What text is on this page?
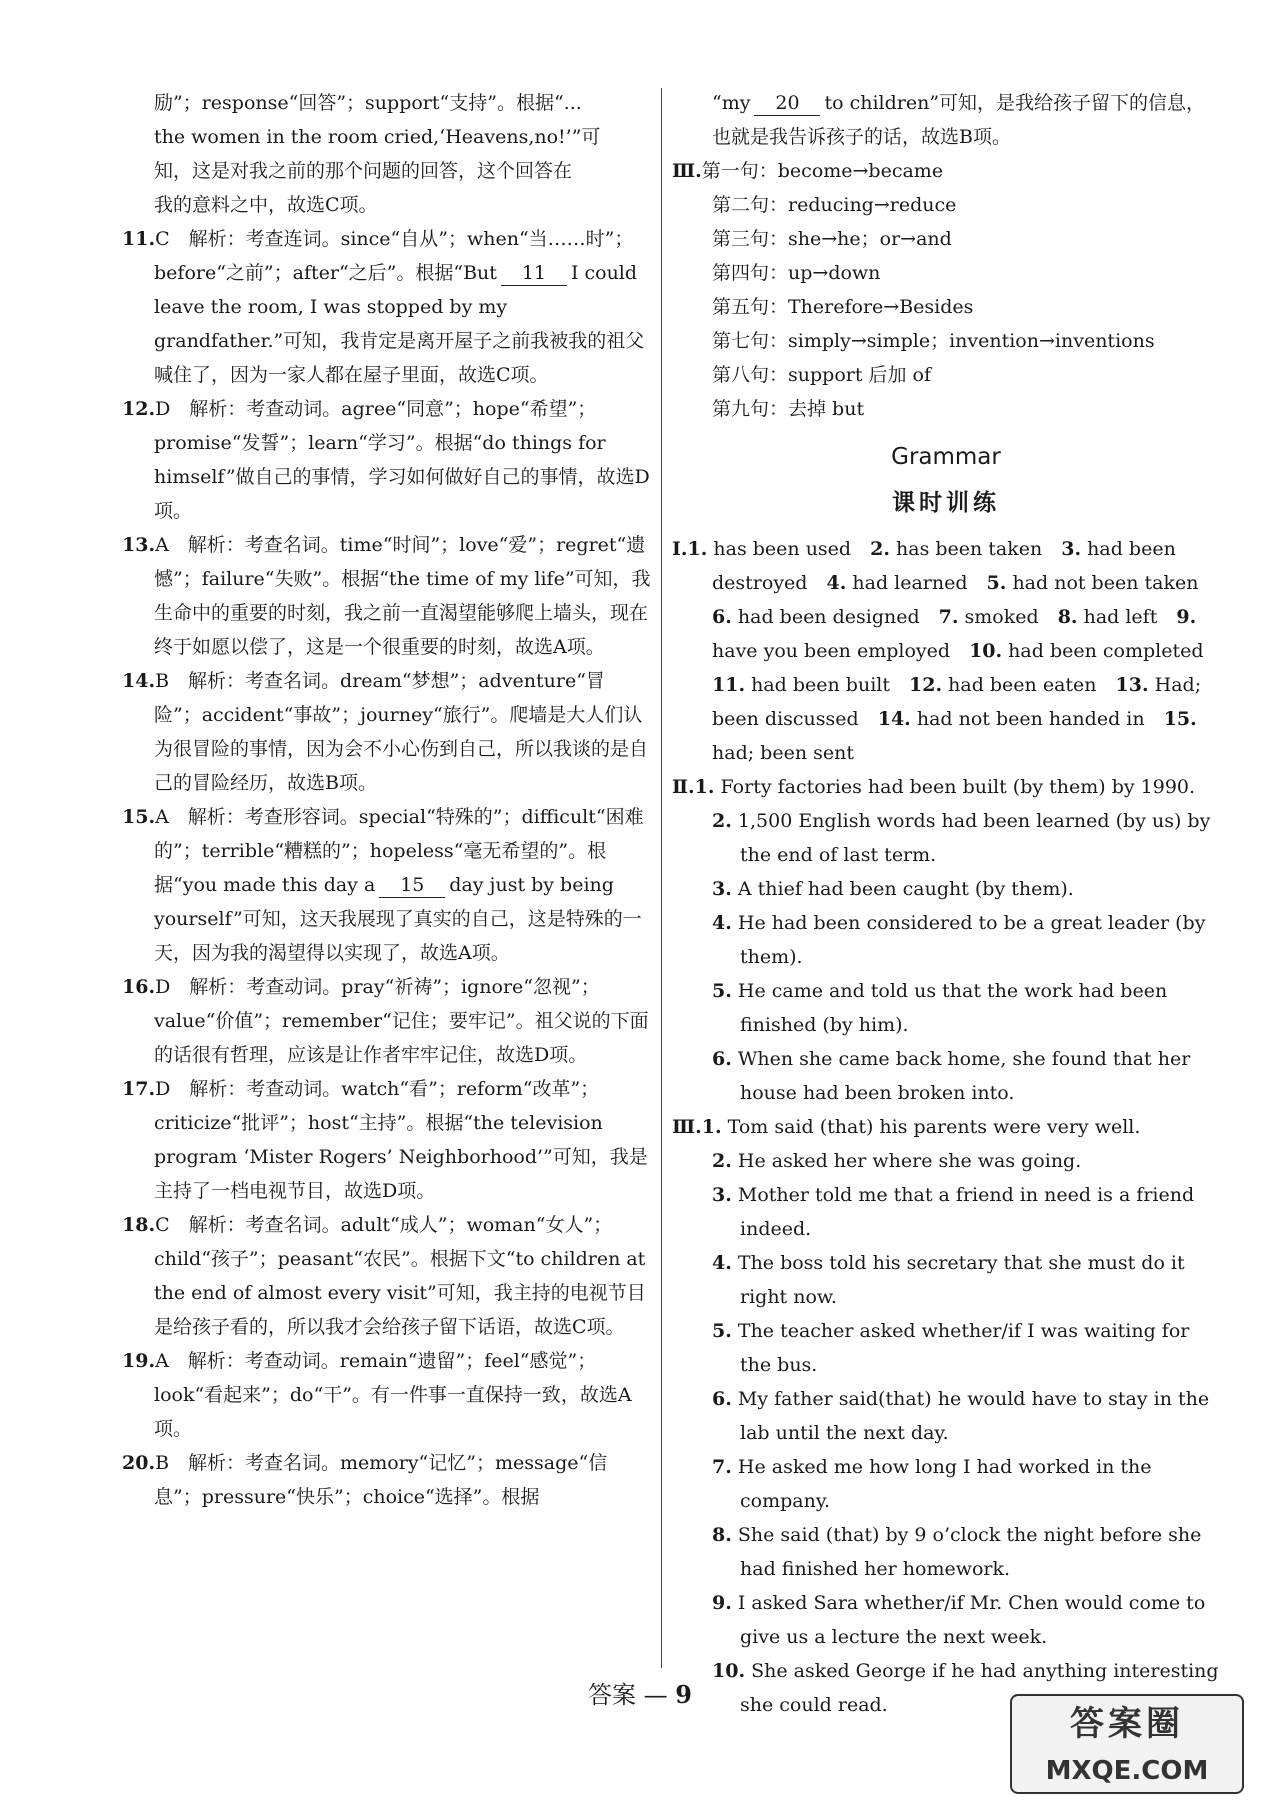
励”；response“回答”；support“支持”。根据“...

the women in the room cried,‘Heavens,no!’”可

知，这是对我之前的那个问题的回答，这个回答在

我的意料之中，故选C项。

11.C　解析：考查连词。since“自从”；when“当……时”；before“之前”；after“之后”。根据“But 11 I could leave the room, I was stopped by my grandfather.”可知，我肯定是离开屋子之前我被我的祖父喊住了，因为一家人都在屋子里面，故选C项。

12.D　解析：考查动词。agree“同意”；hope“希望”；promise“发誓”；learn“学习”。根据“do things for himself”做自己的事情，学习如何做好自己的事情，故选D项。

13.A　解析：考查名词。time“时间”；love“爱”；regret“遗憾”；failure“失败”。根据“the time of my life”可知，我生命中的重要的时刻，我之前一直渴望能够爬上墙头，现在终于如愿以偿了，这是一个很重要的时刻，故选A项。

14.B　解析：考查名词。dream“梦想”；adventure“冒险”；accident“事故”；journey“旅行”。爬墙是大人们认为很冒险的事情，因为会不小心伤到自己，所以我谈的是自己的冒险经历，故选B项。

15.A　解析：考查形容词。special“特殊的”；difficult“困难的”；terrible“糟糕的”；hopeless“毫无希望的”。根据“you made this day a 15 day just by being yourself”可知，这天我展现了真实的自己，这是特殊的一天，因为我的渴望得以实现了，故选A项。

16.D　解析：考查动词。pray“祈祷”；ignore“忽视”；value“价值”；remember“记住；要牢记”。祖父说的下面的话很有哲理，应该是让作者牢牢记住，故选D项。

17.D　解析：考查动词。watch“看”；reform“改革”；criticize“批评”；host“主持”。根据“the television program ‘Mister Rogers’ Neighborhood’”可知，我是主持了一档电视节目，故选D项。

18.C　解析：考查名词。adult“成人”；woman“女人”；child“孩子”；peasant“农民”。根据下文“to children at the end of almost every visit”可知，我主持的电视节目是给孩子看的，所以我才会给孩子留下话语，故选C项。

19.A　解析：考查动词。remain“遗留”；feel“感觉”；look“看起来”；do“干”。有一件事一直保持一致，故选A项。

20.B　解析：考查名词。memory“记忆”；message“信息”；pressure“快乐”；choice“选择”。根据

“my 20 to children”可知，是我给孩子留下的信息，也就是我告诉孩子的话，故选B项。

Ⅲ.第一句：become→became

第二句：reducing→reduce

第三句：she→he；or→and

第四句：up→down

第五句：Therefore→Besides

第七句：simply→simple；invention→inventions

第八句：support 后加 of

第九句：去掉 but

Grammar
课时训练

Ⅰ.1. has been used　 2. has been taken　 3. had been destroyed　 4. had learned　 5. had not been taken　6. had been designed　 7. smoked　 8. had left　 9. have you been employed　 10. had been completed　11. had been built　 12. had been eaten　 13. Had; been discussed　 14. had not been handed in　 15. had; been sent

Ⅱ.1. Forty factories had been built (by them) by 1990.

2. 1,500 English words had been learned (by us) by the end of last term.

3. A thief had been caught (by them).

4. He had been considered to be a great leader (by them).

5. He came and told us that the work had been finished (by him).

6. When she came back home, she found that her house had been broken into.

Ⅲ.1. Tom said (that) his parents were very well.

2. He asked her where she was going.

3. Mother told me that a friend in need is a friend indeed.

4. The boss told his secretary that she must do it right now.

5. The teacher asked whether/if I was waiting for the bus.

6. My father said(that) he would have to stay in the lab until the next day.

7. He asked me how long I had worked in the company.

8. She said (that) by 9 o’clock the night before she had finished her homework.

9. I asked Sara whether/if Mr. Chen would come to give us a lecture the next week.

10. She asked George if he had anything interesting she could read.

答案 — 9
答案圈
MXQE.COM
